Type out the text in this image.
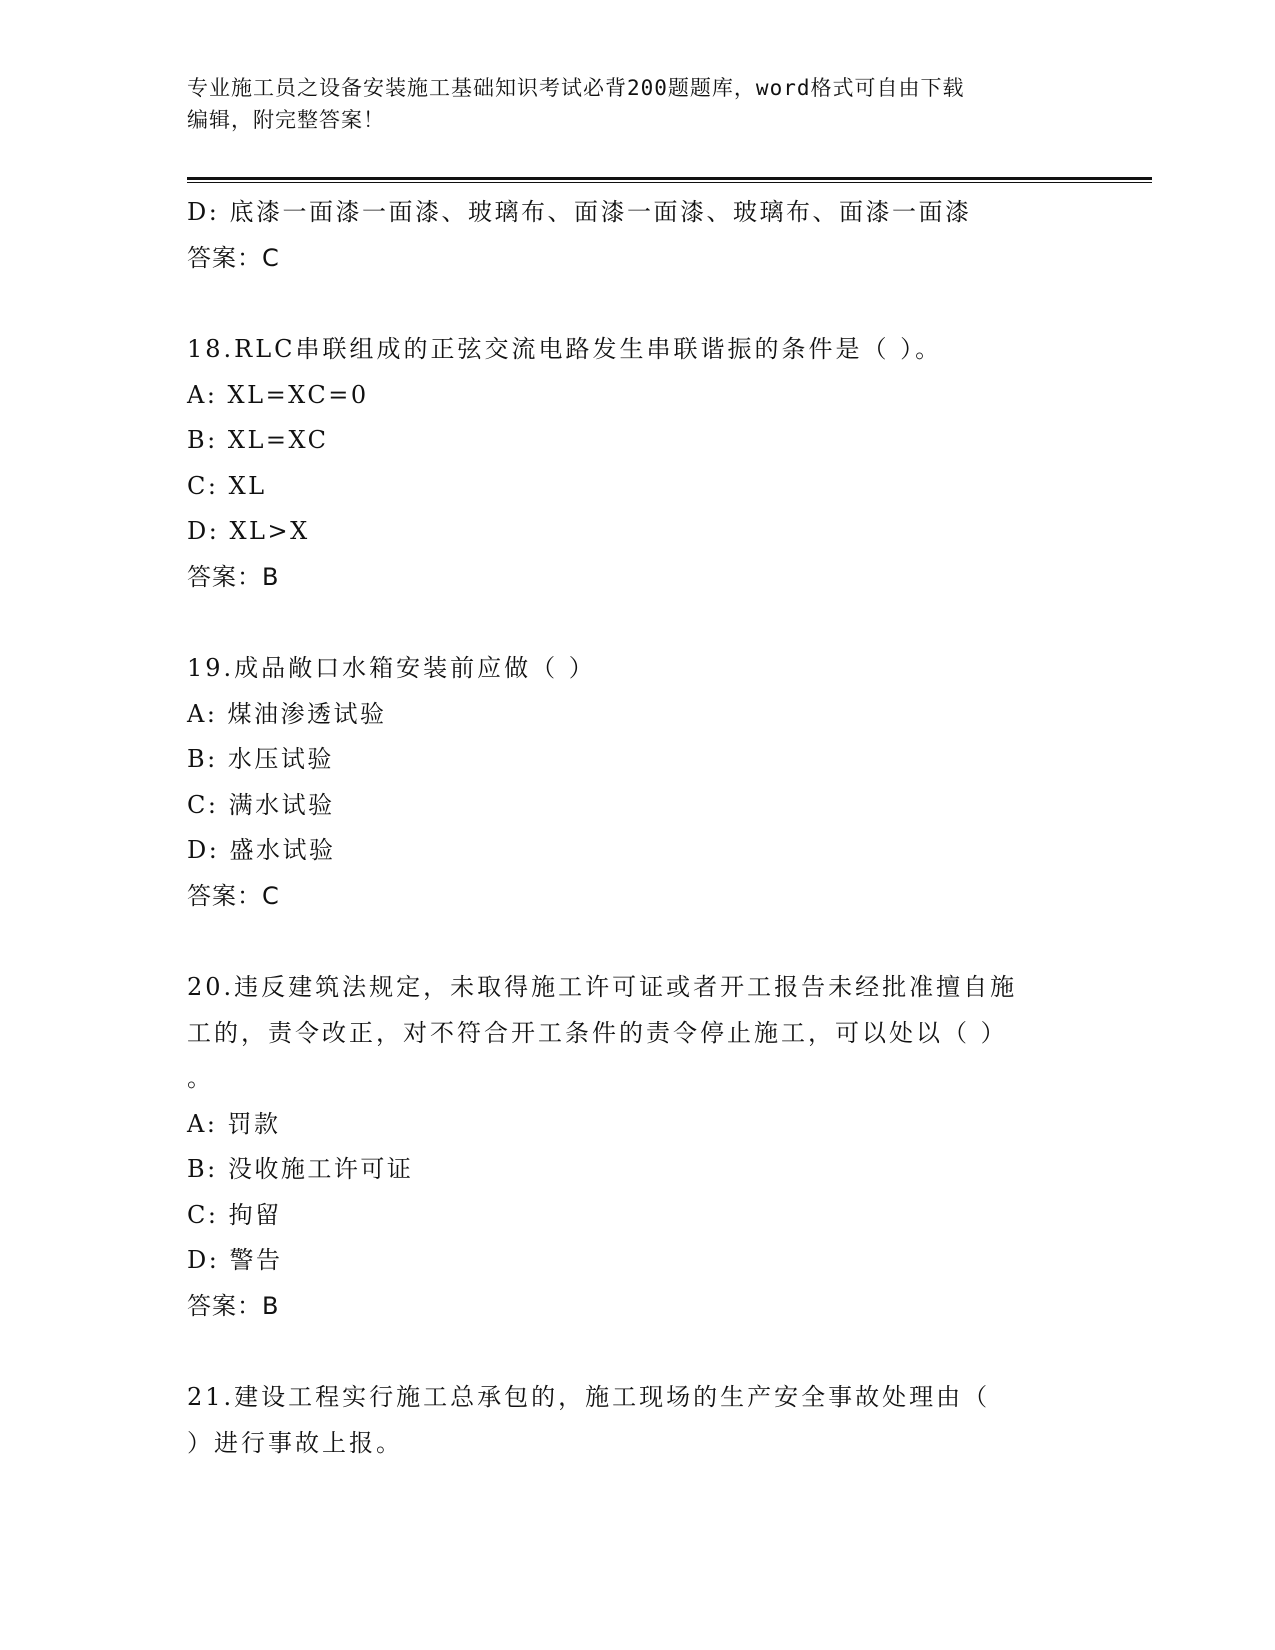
专业施工员之设备安装施工基础知识考试必背200题题库，word格式可自由下载
编辑，附完整答案！
D: 底漆一面漆一面漆、玻璃布、面漆一面漆、玻璃布、面漆一面漆
答案：C
18.RLC串联组成的正弦交流电路发生串联谐振的条件是（ ）。
A: XL=XC=0
B: XL=XC
C: XL
D: XL>X
答案：B
19.成品敞口水箱安装前应做（ ）
A: 煤油渗透试验
B: 水压试验
C: 满水试验
D: 盛水试验
答案：C
20.违反建筑法规定，未取得施工许可证或者开工报告未经批准擅自施
工的，责令改正，对不符合开工条件的责令停止施工，可以处以（ ）
。
A: 罚款
B: 没收施工许可证
C: 拘留
D: 警告
答案：B
21.建设工程实行施工总承包的，施工现场的生产安全事故处理由（
）进行事故上报。
